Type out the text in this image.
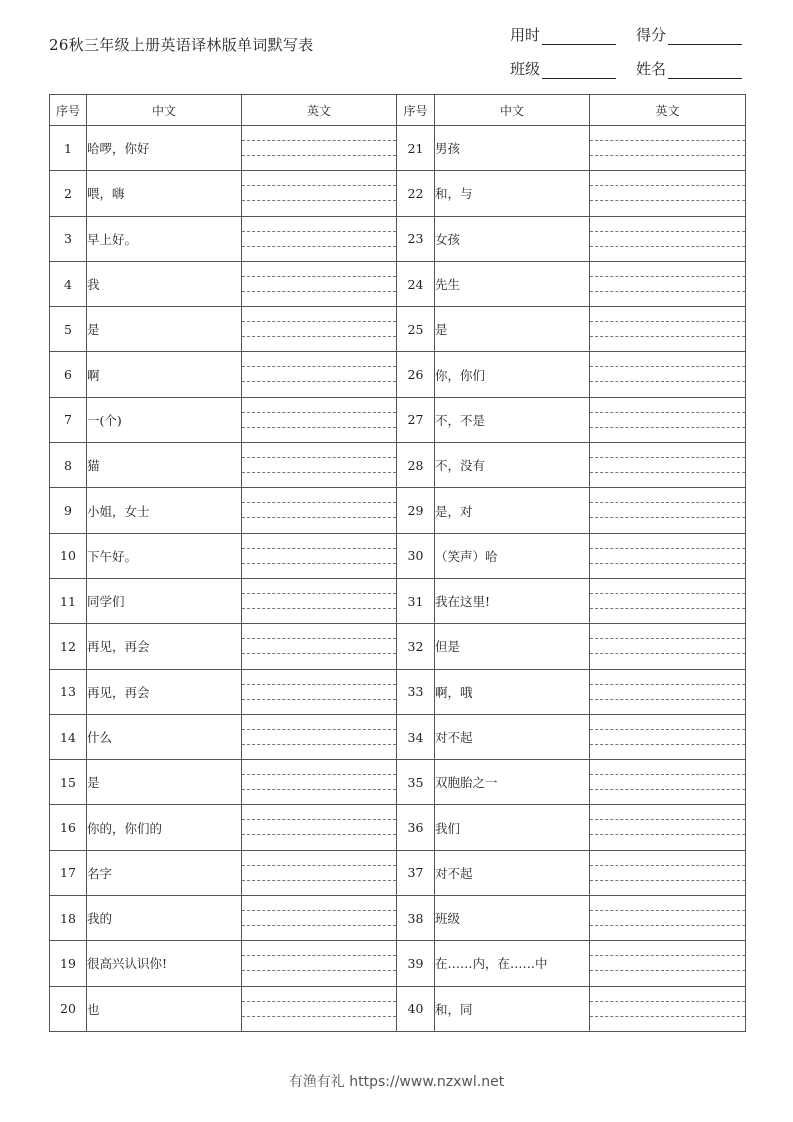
26秋三年级上册英语译林版单词默写表
用时	得分
班级	姓名
序号	中文	英文	序号	中文	英文
1	哈啰，你好		21	男孩	

2	喂，嗨		22	和，与	

3	早上好。		23	女孩	

4	我		24	先生	

5	是		25	是	

6	啊		26	你，你们	

7	一(个)		27	不，不是	

8	猫		28	不，没有	

9	小姐，女士		29	是，对	

10	下午好。		30	（笑声）哈	

11	同学们		31	我在这里!	

12	再见，再会		32	但是	

13	再见，再会		33	啊，哦	

14	什么		34	对不起	

15	是		35	双胞胎之一	

16	你的，你们的		36	我们	

17	名字		37	对不起	

18	我的		38	班级	

19	很高兴认识你!		39	在……内，在……中	

20	也		40	和，同	
有渔有礼 https://www.nzxwl.net
